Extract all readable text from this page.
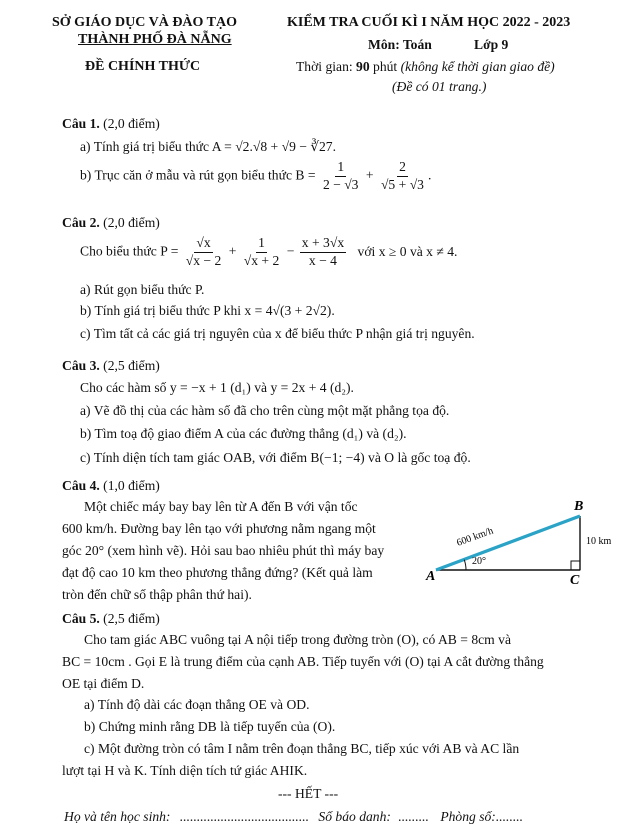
SỞ GIÁO DỤC VÀ ĐÀO TẠO
THÀNH PHỐ ĐÀ NẴNG
ĐỀ CHÍNH THỨC
KIỂM TRA CUỐI KÌ I NĂM HỌC 2022 - 2023
Môn: Toán	Lớp 9
Thời gian: 90 phút (không kể thời gian giao đề)
(Đề có 01 trang.)
Câu 1. (2,0 điểm)
a) Tính giá trị biểu thức A = √2.√8 + √9 − ∛27.
b) Trục căn ở mẫu và rút gọn biểu thức $B = \frac{1}{2 - √3} + \frac{2}{√5 + √3}$ .
Câu 2. (2,0 điểm)
Cho biểu thức $P = \frac{√x}{√x - 2} + \frac{1}{√x + 2} - \frac{x + 3√x}{x - 4}$ với x ≥ 0 và x ≠ 4.
a) Rút gọn biểu thức P.
b) Tính giá trị biểu thức P khi x = 4√(3 + 2√2).
c) Tìm tất cả các giá trị nguyên của x để biểu thức P nhận giá trị nguyên.
Câu 3. (2,5 điểm)
Cho các hàm số y = −x + 1 (d₁) và y = 2x + 4 (d₂).
a) Vẽ đồ thị của các hàm số đã cho trên cùng một mặt phẳng tọa độ.
b) Tìm toạ độ giao điểm A của các đường thẳng (d₁) và (d₂).
c) Tính diện tích tam giác OAB, với điểm B(−1; −4) và O là gốc toạ độ.
Câu 4. (1,0 điểm)
Một chiếc máy bay bay lên từ A đến B với vận tốc
600 km/h. Đường bay lên tạo với phương nằm ngang một
góc 20° (xem hình vẽ). Hỏi sau bao nhiêu phút thì máy bay
đạt độ cao 10 km theo phương thẳng đứng? (Kết quả làm
tròn đến chữ số thập phân thứ hai).
A
B
C
10 km
20°
600 km/h
Câu 5. (2,5 điểm)
Cho tam giác ABC vuông tại A nội tiếp trong đường tròn (O), có AB = 8cm và
BC = 10cm . Gọi E là trung điểm của cạnh AB. Tiếp tuyến với (O) tại A cắt đường thẳng
OE tại điểm D.
a) Tính độ dài các đoạn thẳng OE và OD.
b) Chứng minh rằng DB là tiếp tuyến của (O).
c) Một đường tròn có tâm I nằm trên đoạn thẳng BC, tiếp xúc với AB và AC lần
lượt tại H và K. Tính diện tích tứ giác AHIK.
--- HẾT ---
Họ và tên học sinh: ...................................... Số báo danh: ......... Phòng số:........
